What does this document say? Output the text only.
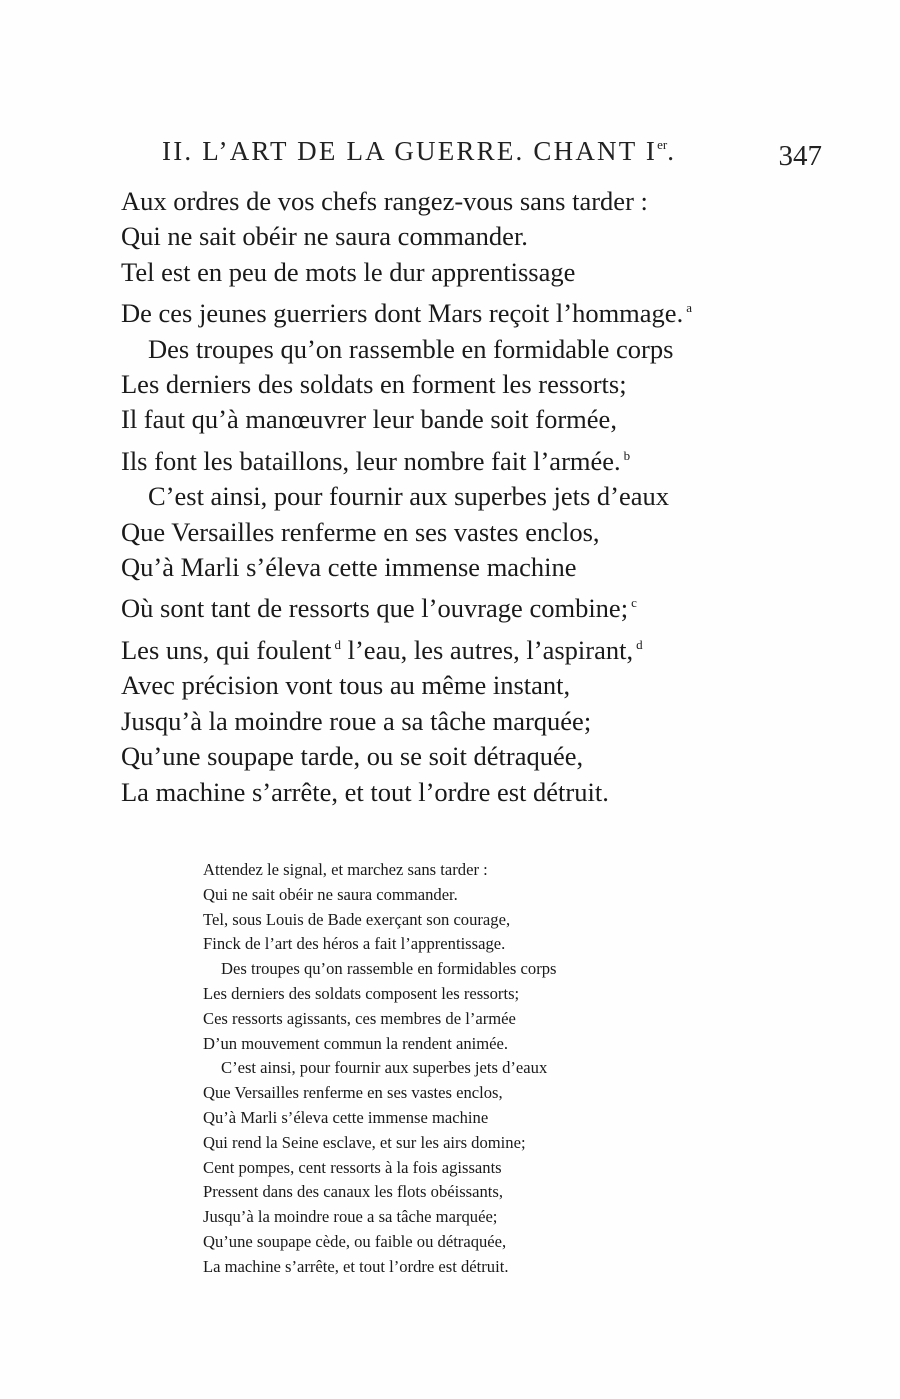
II. L’ART DE LA GUERRE. CHANT Ier.	347
Aux ordres de vos chefs rangez-vous sans tarder :
Qui ne sait obéir ne saura commander.
Tel est en peu de mots le dur apprentissage
De ces jeunes guerriers dont Mars reçoit l’hommage. $^a$
Des troupes qu’on rassemble en formidable corps
Les derniers des soldats en forment les ressorts;
Il faut qu’à manœuvrer leur bande soit formée,
Ils font les bataillons, leur nombre fait l’armée. $^b$
C’est ainsi, pour fournir aux superbes jets d’eaux
Que Versailles renferme en ses vastes enclos,
Qu’à Marli s’éleva cette immense machine
Où sont tant de ressorts que l’ouvrage combine; $^c$
Les uns, qui foulent $^d$ l’eau, les autres, l’aspirant, $^d$
Avec précision vont tous au même instant,
Jusqu’à la moindre roue a sa tâche marquée;
Qu’une soupape tarde, ou se soit détraquée,
La machine s’arrête, et tout l’ordre est détruit.
Attendez le signal, et marchez sans tarder :
Qui ne sait obéir ne saura commander.
Tel, sous Louis de Bade exerçant son courage,
Finck de l’art des héros a fait l’apprentissage.
Des troupes qu’on rassemble en formidables corps
Les derniers des soldats composent les ressorts;
Ces ressorts agissants, ces membres de l’armée
D’un mouvement commun la rendent animée.
C’est ainsi, pour fournir aux superbes jets d’eaux
Que Versailles renferme en ses vastes enclos,
Qu’à Marli s’éleva cette immense machine
Qui rend la Seine esclave, et sur les airs domine;
Cent pompes, cent ressorts à la fois agissants
Pressent dans des canaux les flots obéissants,
Jusqu’à la moindre roue a sa tâche marquée;
Qu’une soupape cède, ou faible ou détraquée,
La machine s’arrête, et tout l’ordre est détruit.
